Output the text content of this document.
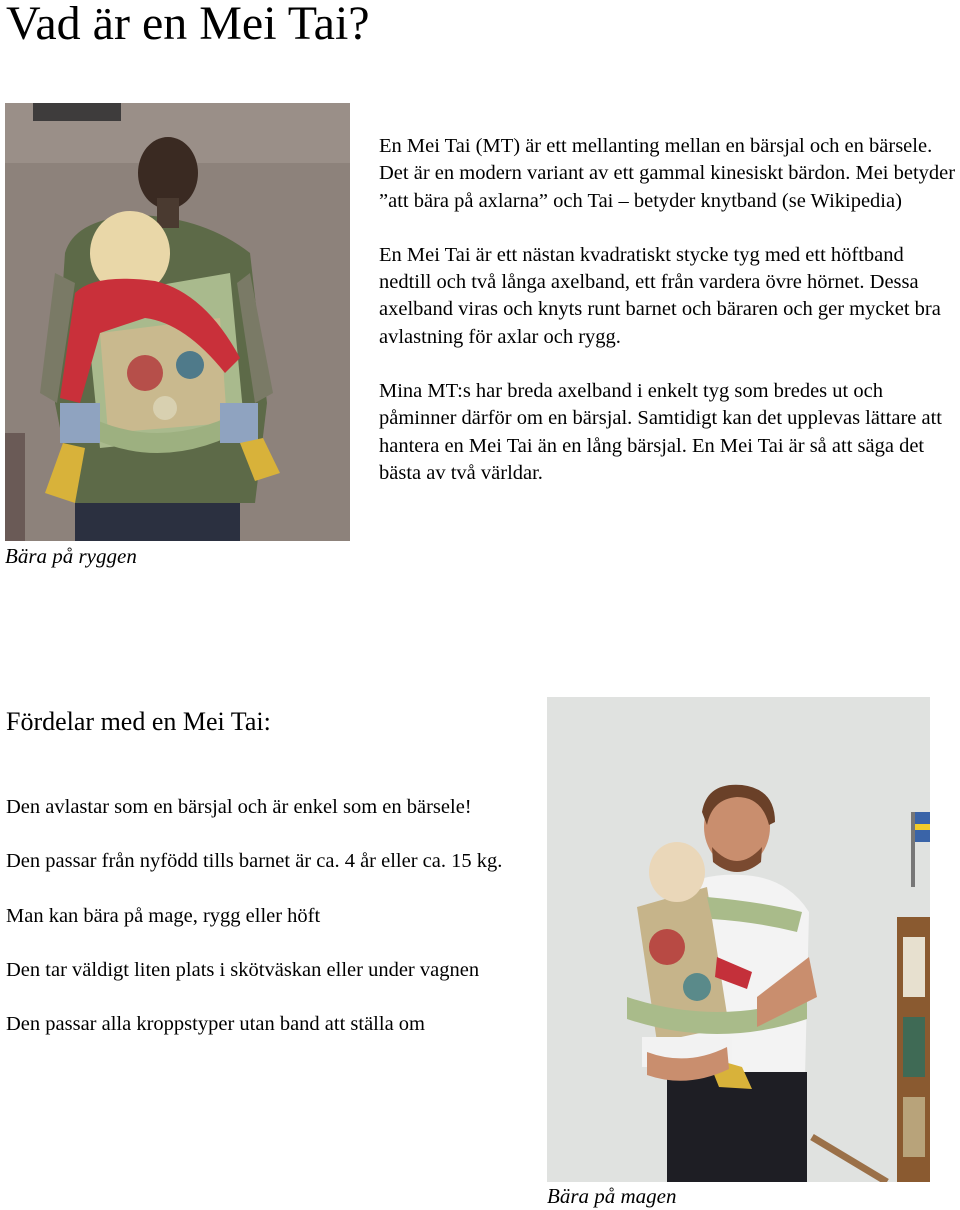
Vad är en Mei Tai?
Bära på ryggen

En Mei Tai (MT) är ett mellanting mellan en bärsjal och en bärsele. Det är en modern variant av ett gammal kinesiskt bärdon. Mei betyder ”att bära på axlarna” och Tai – betyder knytband (se Wikipedia)

En Mei Tai är ett nästan kvadratiskt stycke tyg med ett höftband nedtill och två långa axelband, ett från vardera övre hörnet. Dessa axelband viras och knyts runt barnet och bäraren och ger mycket bra avlastning för axlar och rygg.

Mina MT:s har breda axelband i enkelt tyg som bredes ut och påminner därför om en bärsjal. Samtidigt kan det upplevas lättare att hantera en Mei Tai än en lång bärsjal. En Mei Tai är så att säga det bästa av två världar.

Fördelar med en Mei Tai:
Den avlastar som en bärsjal och är enkel som en bärsele!
Den passar från nyfödd tills barnet är ca. 4 år eller ca. 15 kg.
Man kan bära på mage, rygg eller höft
Den tar väldigt liten plats i skötväskan eller under vagnen
Den passar alla kroppstyper utan band att ställa om
Bära på magen
